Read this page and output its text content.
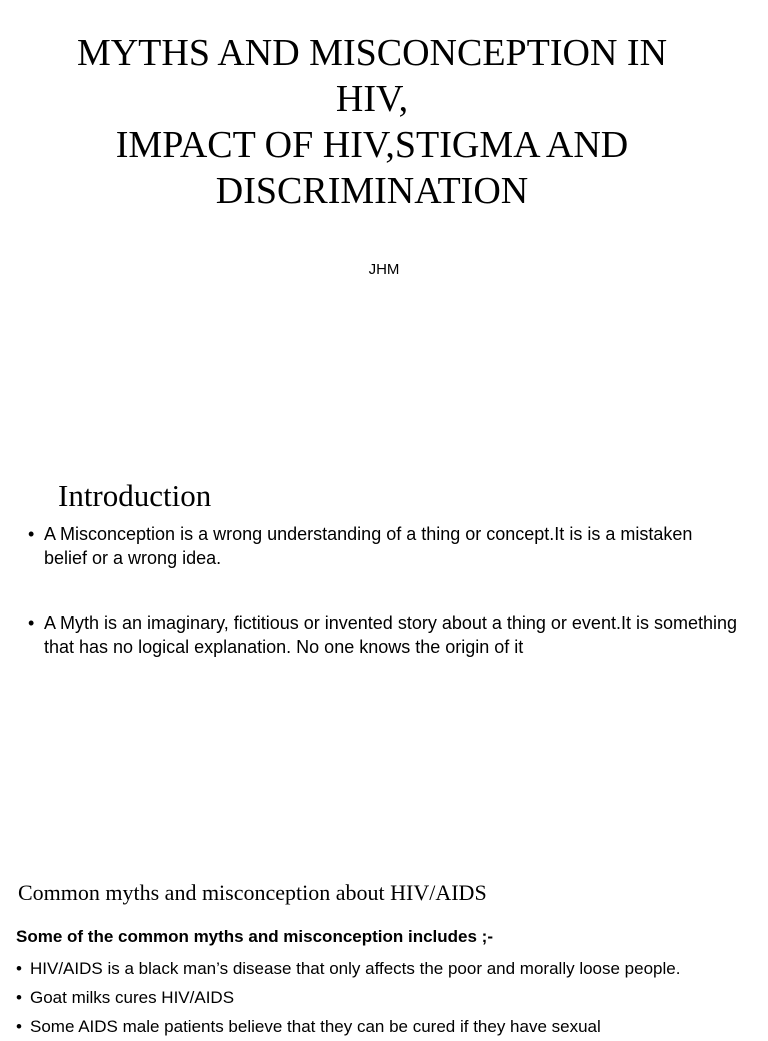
MYTHS AND MISCONCEPTION IN
HIV,
IMPACT OF HIV,STIGMA AND
DISCRIMINATION
JHM
Introduction
• A Misconception is a wrong understanding of a thing or concept.It is is a mistaken belief or a wrong idea.
• A Myth is an imaginary, fictitious or invented story about a thing or event.It is something that has no logical explanation. No one knows the origin of it
Common myths and misconception about HIV/AIDS
Some of the common myths and misconception includes ;-
• HIV/AIDS is a black man’s disease that only affects the poor and morally loose people.
• Goat milks cures HIV/AIDS
• Some AIDS male patients believe that they can be cured if they have sexual
